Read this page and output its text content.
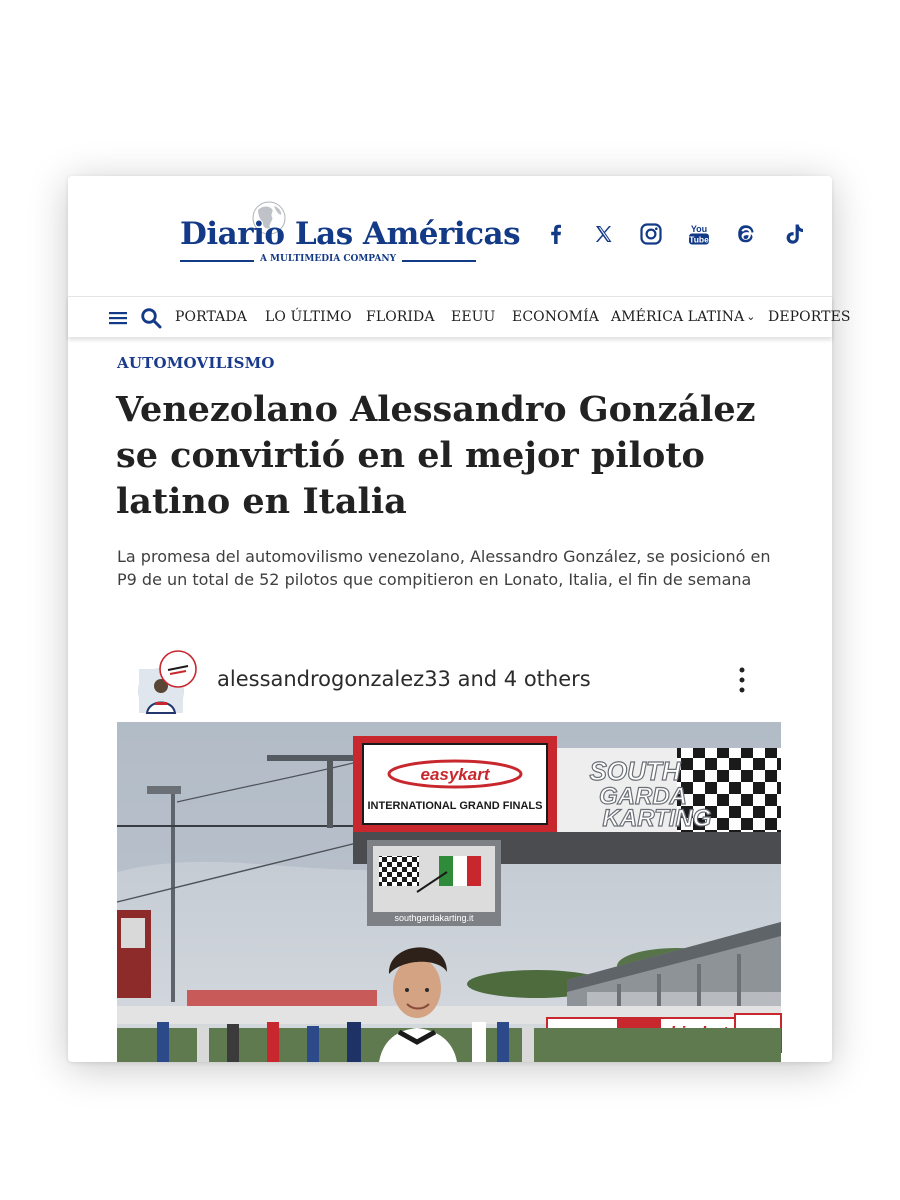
Diario Las Américas
A MULTIMEDIA COMPANY
You
Tube
PORTADA LO ÚLTIMO FLORIDA EEUU ECONOMÍA AMÉRICA LATINA ⌄ DEPORTES
AUTOMOVILISMO
Venezolano Alessandro González se convirtió en el mejor piloto latino en Italia

La promesa del automovilismo venezolano, Alessandro González, se posicionó en P9 de un total de 52 pilotos que compitieron en Lonato, Italia, el fin de semana

alessandrogonzalez33 and 4 others
easykart
INTERNATIONAL GRAND FINALS
SOUTH
GARDA
KARTING
southgardakarting.it
